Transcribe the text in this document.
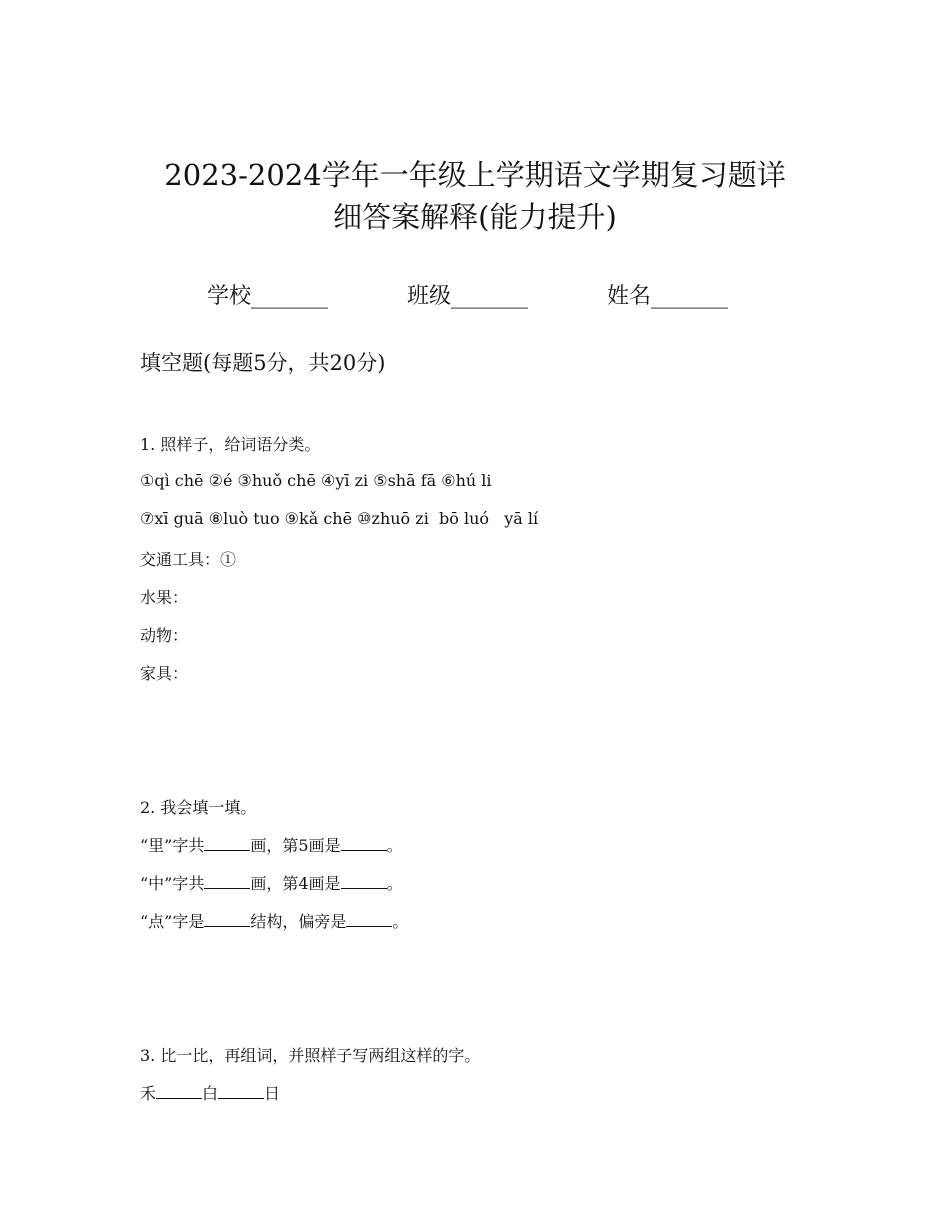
2023-2024学年一年级上学期语文学期复习题详
细答案解释(能力提升)
学校_______	班级_______	姓名_______
填空题(每题5分，共20分)
1. 照样子，给词语分类。
①qì chē ②é ③huǒ chē ④yī zi ⑤shā fā ⑥hú li
⑦xī guā ⑧luò tuo ⑨kǎ chē ⑩zhuō zi  bō luó   yā lí
交通工具：①
水果：
动物：
家具：
2. 我会填一填。
“里”字共	画，第5画是	。
“中”字共	画，第4画是	。
“点”字是	结构，偏旁是	。
3. 比一比，再组词，并照样子写两组这样的字。
禾	白	日
